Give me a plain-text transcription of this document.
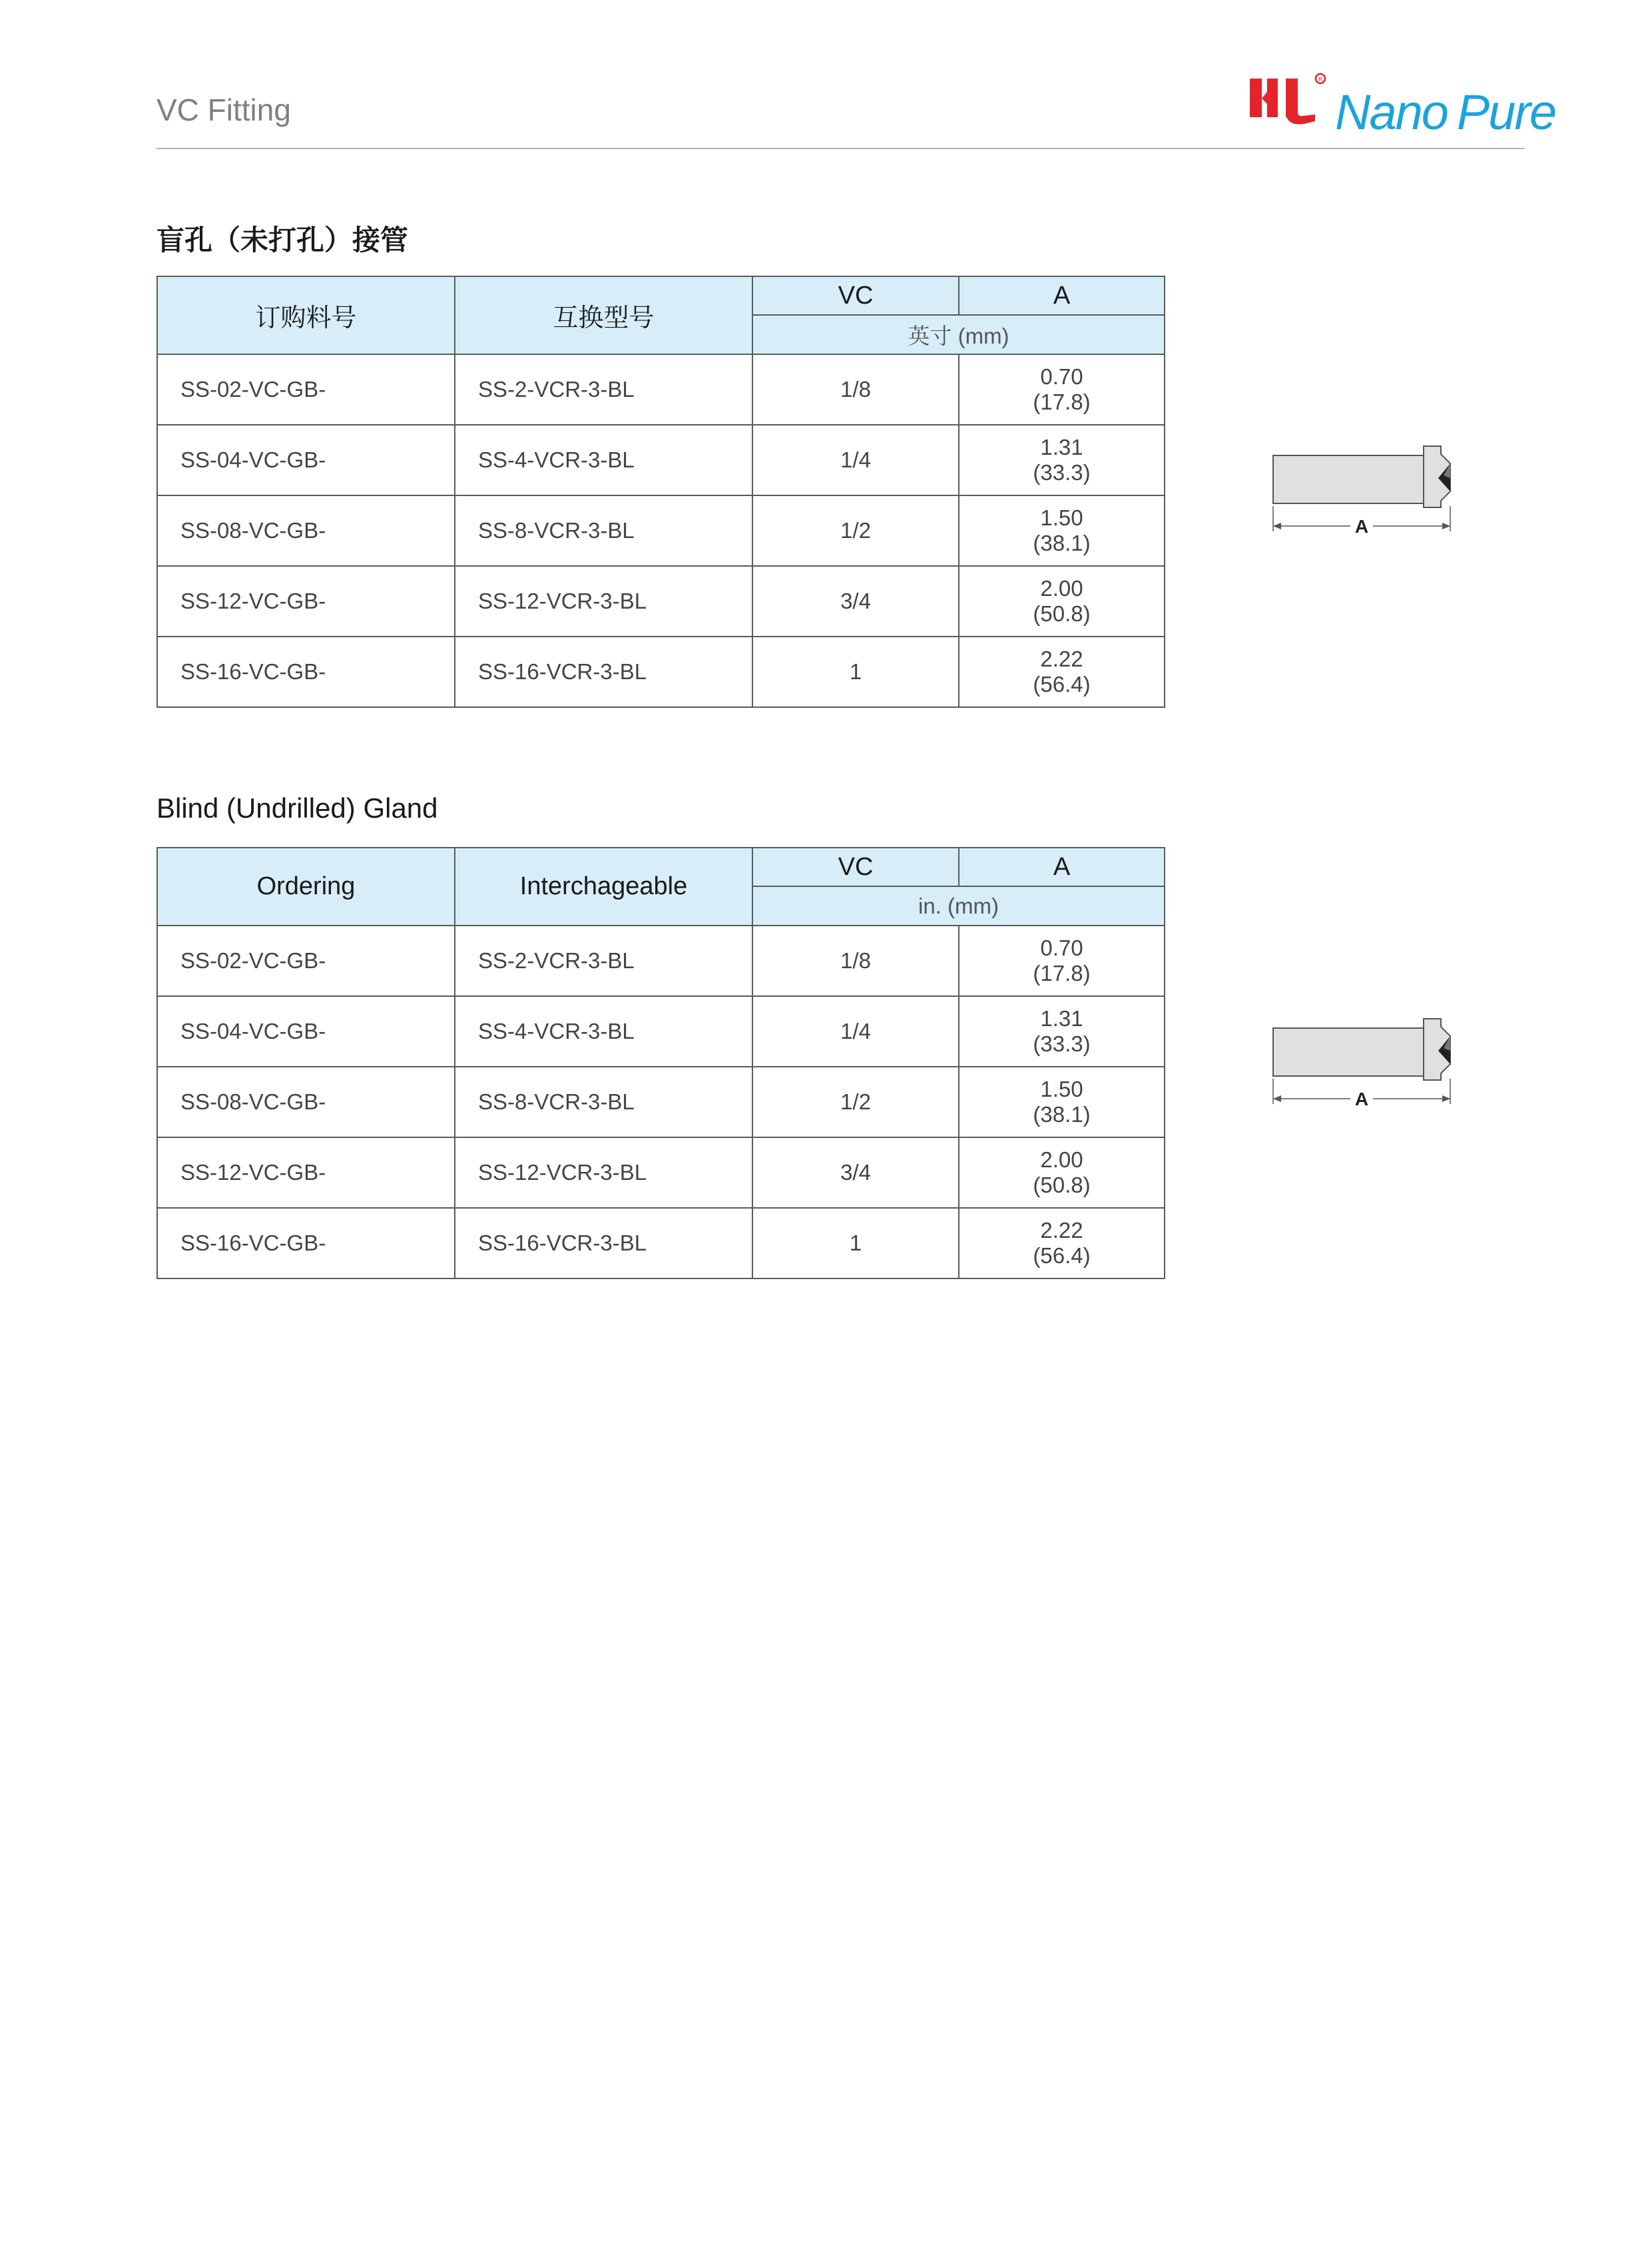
VC Fitting
R
Nano Pure
盲孔（未打孔）接管
订购料号	互换型号	VC	A
		英寸 (mm)	
SS-02-VC-GB-	SS-2-VCR-3-BL	1/8	0.70
(17.8)

SS-04-VC-GB-	SS-4-VCR-3-BL	1/4	1.31
(33.3)

SS-08-VC-GB-	SS-8-VCR-3-BL	1/2	1.50
(38.1)

SS-12-VC-GB-	SS-12-VCR-3-BL	3/4	2.00
(50.8)

SS-16-VC-GB-	SS-16-VCR-3-BL	1	2.22
(56.4)
A
Blind (Undrilled) Gland
Ordering	Interchageable	VC	A
		in. (mm)	
SS-02-VC-GB-	SS-2-VCR-3-BL	1/8	0.70
(17.8)

SS-04-VC-GB-	SS-4-VCR-3-BL	1/4	1.31
(33.3)

SS-08-VC-GB-	SS-8-VCR-3-BL	1/2	1.50
(38.1)

SS-12-VC-GB-	SS-12-VCR-3-BL	3/4	2.00
(50.8)

SS-16-VC-GB-	SS-16-VCR-3-BL	1	2.22
(56.4)
A
